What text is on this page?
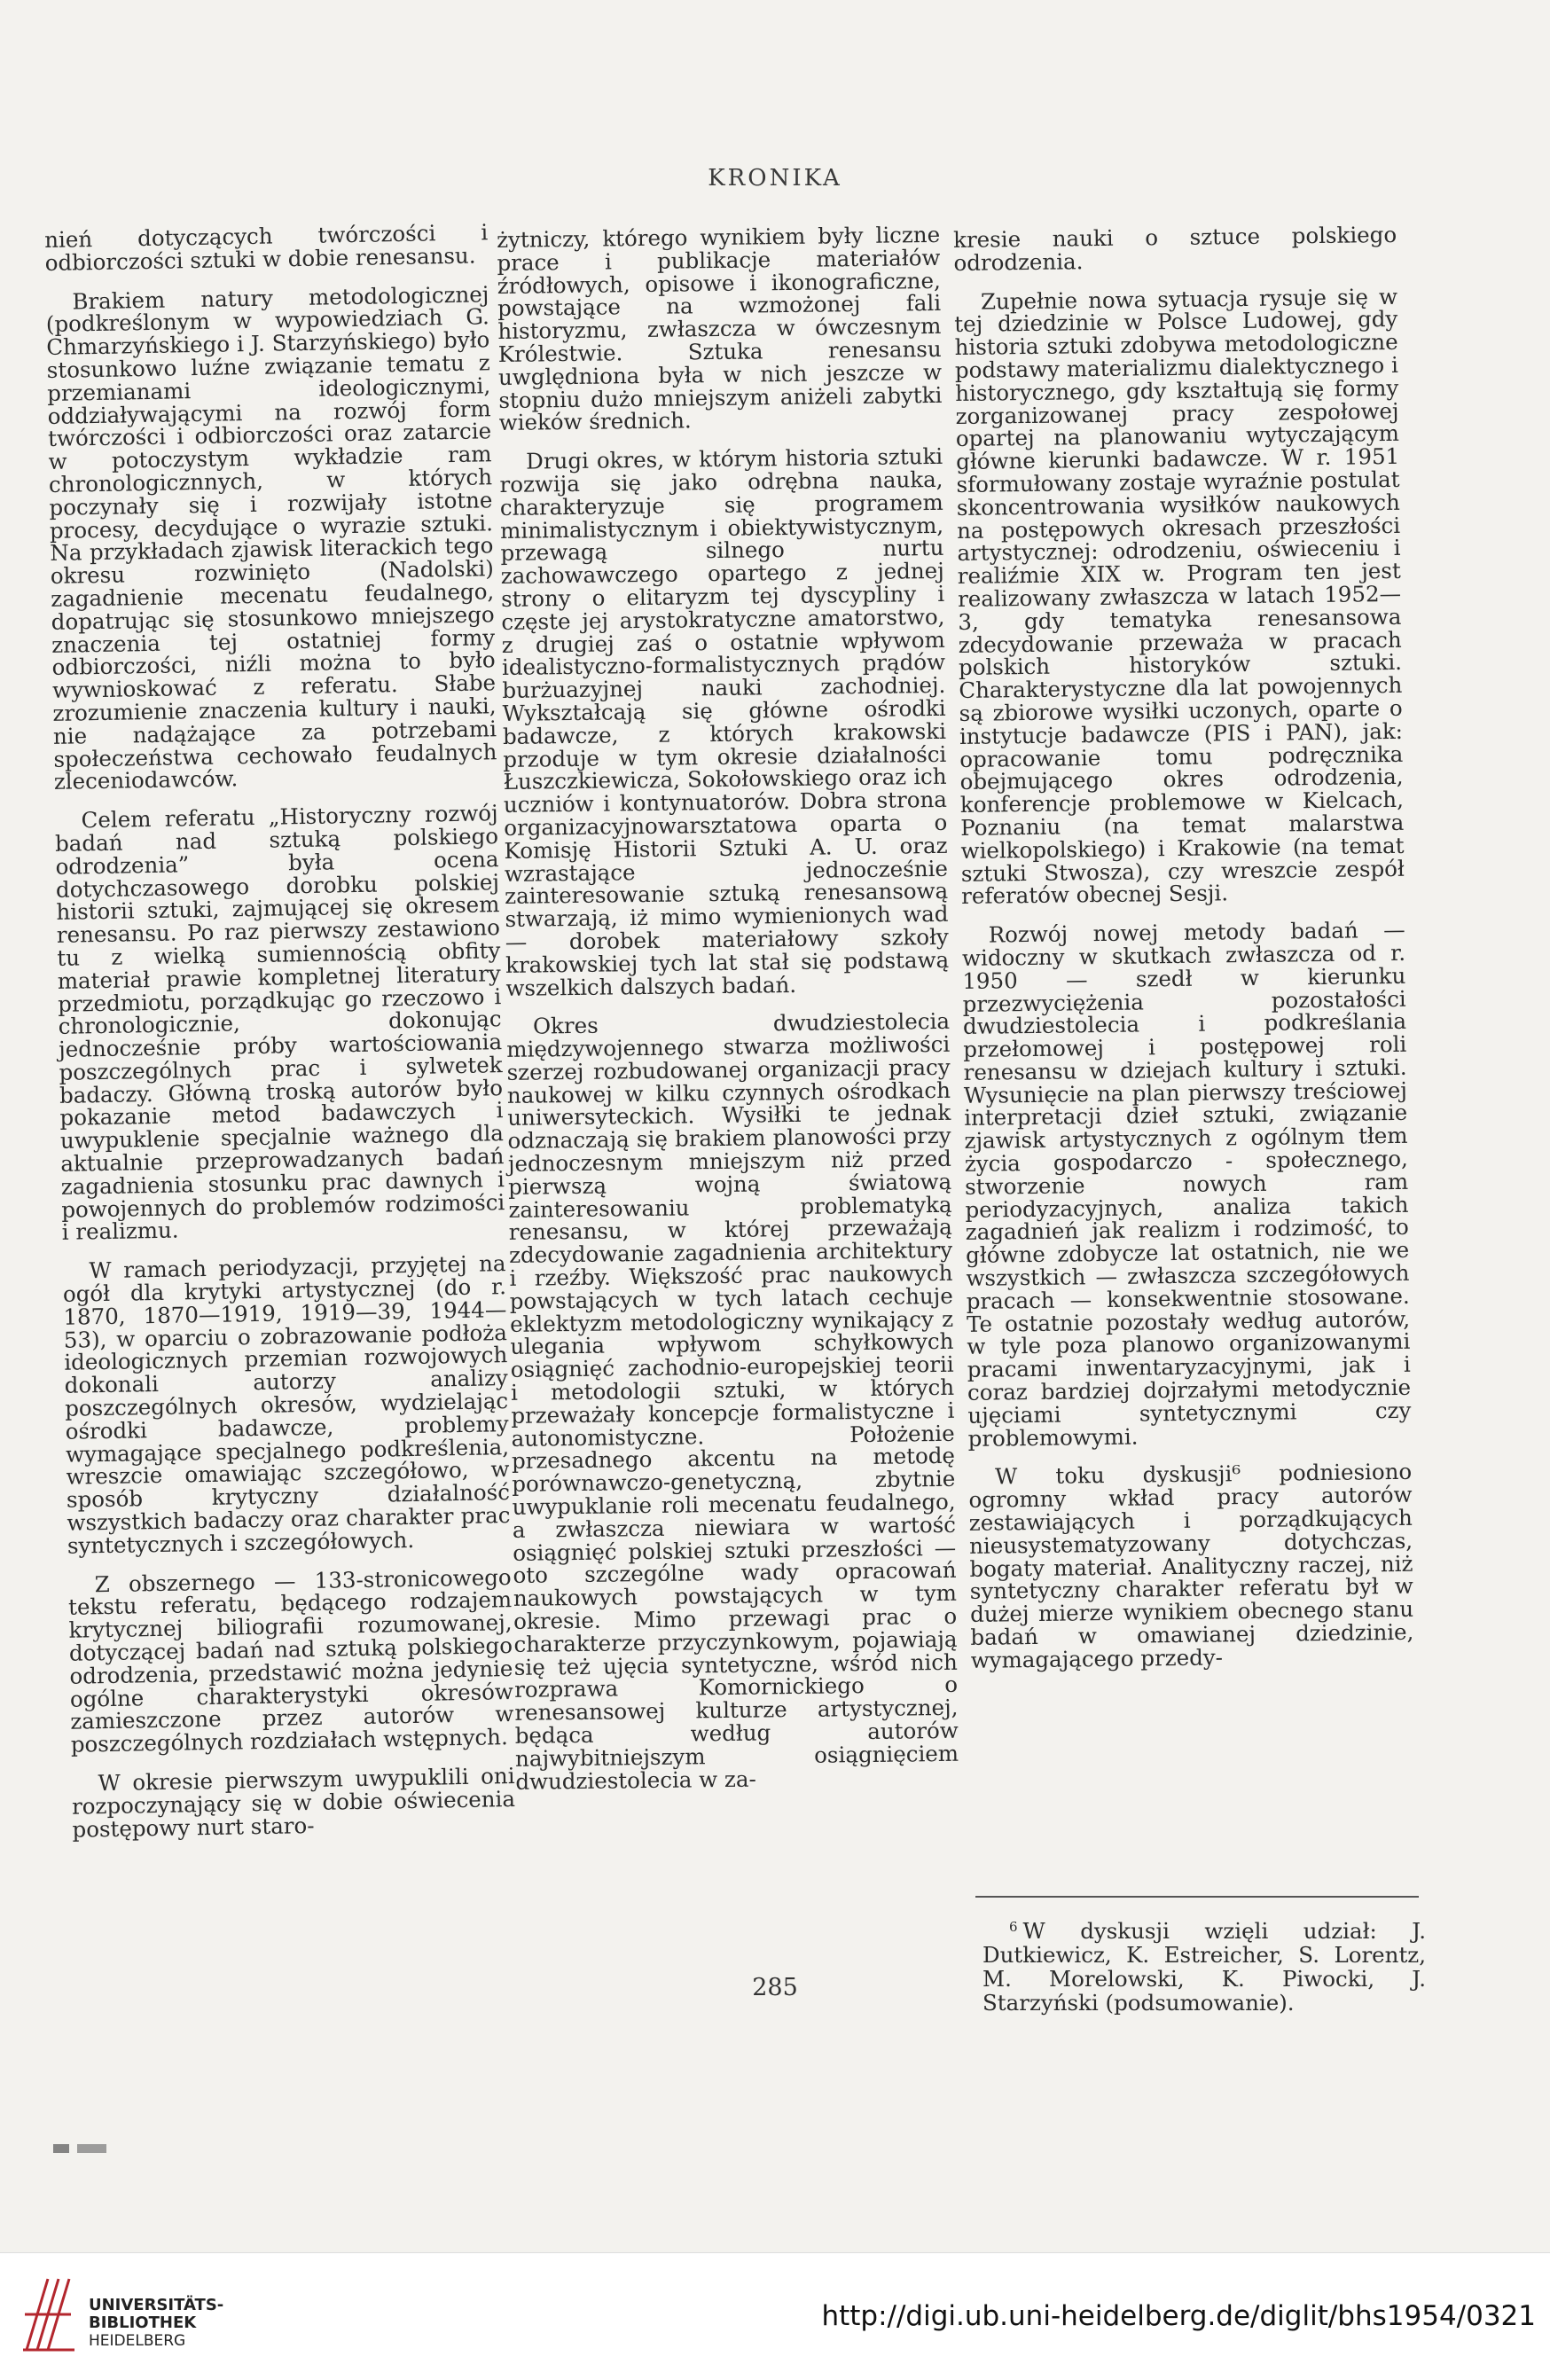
KRONIKA

nień dotyczących twórczości i odbiorczości sztuki w dobie renesansu.

Brakiem natury metodologicznej (podkreślonym w wypowiedziach G. Chmarzyńskiego i J. Starzyńskiego) było stosunkowo luźne związanie tematu z przemianami ideologicznymi, oddziaływającymi na rozwój form twórczości i odbiorczości oraz zatarcie w potoczystym wykładzie ram chronologicznnych, w których poczynały się i rozwijały istotne procesy, decydujące o wyrazie sztuki. Na przykładach zjawisk literackich tego okresu rozwinięto (Nadolski) zagadnienie mecenatu feudalnego, dopatrując się stosunkowo mniejszego znaczenia tej ostatniej formy odbiorczości, niźli można to było wywnioskować z referatu. Słabe zrozumienie znaczenia kultury i nauki, nie nadążające za potrzebami społeczeństwa cechowało feudalnych zleceniodawców.

Celem referatu „Historyczny rozwój badań nad sztuką polskiego odrodzenia” była ocena dotychczasowego dorobku polskiej historii sztuki, zajmującej się okresem renesansu. Po raz pierwszy zestawiono tu z wielką sumiennością obfity materiał prawie kompletnej literatury przedmiotu, porządkując go rzeczowo i chronologicznie, dokonując jednocześnie próby wartościowania poszczególnych prac i sylwetek badaczy. Główną troską autorów było pokazanie metod badawczych i uwypuklenie specjalnie ważnego dla aktualnie przeprowadzanych badań zagadnienia stosunku prac dawnych i powojennych do problemów rodzimości i realizmu.

W ramach periodyzacji, przyjętej na ogół dla krytyki artystycznej (do r. 1870, 1870—1919, 1919—39, 1944—53), w oparciu o zobrazowanie podłoża ideologicznych przemian rozwojowych dokonali autorzy analizy poszczególnych okresów, wydzielając ośrodki badawcze, problemy wymagające specjalnego podkreślenia, wreszcie omawiając szczegółowo, w sposób krytyczny działalność wszystkich badaczy oraz charakter prac syntetycznych i szczegółowych.

Z obszernego — 133-stronicowego tekstu referatu, będącego rodzajem krytycznej biliografii rozumowanej, dotyczącej badań nad sztuką polskiego odrodzenia, przedstawić można jedynie ogólne charakterystyki okresów zamieszczone przez autorów w poszczególnych rozdziałach wstępnych.

W okresie pierwszym uwypuklili oni rozpoczynający się w dobie oświecenia postępowy nurt staro-

żytniczy, którego wynikiem były liczne prace i publikacje materiałów źródłowych, opisowe i ikonograficzne, powstające na wzmożonej fali historyzmu, zwłaszcza w ówczesnym Królestwie. Sztuka renesansu uwględniona była w nich jeszcze w stopniu dużo mniejszym aniżeli zabytki wieków średnich.

Drugi okres, w którym historia sztuki rozwija się jako odrębna nauka, charakteryzuje się programem minimalistycznym i obiektywistycznym, przewagą silnego nurtu zachowawczego opartego z jednej strony o elitaryzm tej dyscypliny i częste jej arystokratyczne amatorstwo, z drugiej zaś o ostatnie wpływom idealistyczno-formalistycznych prądów burżuazyjnej nauki zachodniej. Wykształcają się główne ośrodki badawcze, z których krakowski przoduje w tym okresie działalności Łuszczkiewicza, Sokołowskiego oraz ich uczniów i kontynuatorów. Dobra strona organizacyjnowarsztatowa oparta o Komisję Historii Sztuki A. U. oraz wzrastające jednocześnie zainteresowanie sztuką renesansową stwarzają, iż mimo wymienionych wad — dorobek materiałowy szkoły krakowskiej tych lat stał się podstawą wszelkich dalszych badań.

Okres dwudziestolecia międzywojennego stwarza możliwości szerzej rozbudowanej organizacji pracy naukowej w kilku czynnych ośrodkach uniwersyteckich. Wysiłki te jednak odznaczają się brakiem planowości przy jednoczesnym mniejszym niż przed pierwszą wojną światową zainteresowaniu problematyką renesansu, w której przeważają zdecydowanie zagadnienia architektury i rzeźby. Większość prac naukowych powstających w tych latach cechuje eklektyzm metodologiczny wynikający z ulegania wpływom schyłkowych osiągnięć zachodnio-europejskiej teorii i metodologii sztuki, w których przeważały koncepcje formalistyczne i autonomistyczne. Położenie przesadnego akcentu na metodę porównawczo-genetyczną, zbytnie uwypuklanie roli mecenatu feudalnego, a zwłaszcza niewiara w wartość osiągnięć polskiej sztuki przeszłości — oto szczególne wady opracowań naukowych powstających w tym okresie. Mimo przewagi prac o charakterze przyczynkowym, pojawiają się też ujęcia syntetyczne, wśród nich rozprawa Komornickiego o renesansowej kulturze artystycznej, będąca według autorów najwybitniejszym osiągnięciem dwudziestolecia w za-

kresie nauki o sztuce polskiego odrodzenia.

Zupełnie nowa sytuacja rysuje się w tej dziedzinie w Polsce Ludowej, gdy historia sztuki zdobywa metodologiczne podstawy materializmu dialektycznego i historycznego, gdy kształtują się formy zorganizowanej pracy zespołowej opartej na planowaniu wytyczającym główne kierunki badawcze. W r. 1951 sformułowany zostaje wyraźnie postulat skoncentrowania wysiłków naukowych na postępowych okresach przeszłości artystycznej: odrodzeniu, oświeceniu i realiźmie XIX w. Program ten jest realizowany zwłaszcza w latach 1952—3, gdy tematyka renesansowa zdecydowanie przeważa w pracach polskich historyków sztuki. Charakterystyczne dla lat powojennych są zbiorowe wysiłki uczonych, oparte o instytucje badawcze (PIS i PAN), jak: opracowanie tomu podręcznika obejmującego okres odrodzenia, konferencje problemowe w Kielcach, Poznaniu (na temat malarstwa wielkopolskiego) i Krakowie (na temat sztuki Stwosza), czy wreszcie zespół referatów obecnej Sesji.

Rozwój nowej metody badań — widoczny w skutkach zwłaszcza od r. 1950 — szedł w kierunku przezwyciężenia pozostałości dwudziestolecia i podkreślania przełomowej i postępowej roli renesansu w dziejach kultury i sztuki. Wysunięcie na plan pierwszy treściowej interpretacji dzieł sztuki, związanie zjawisk artystycznych z ogólnym tłem życia gospodarczo - społecznego, stworzenie nowych ram periodyzacyjnych, analiza takich zagadnień jak realizm i rodzimość, to główne zdobycze lat ostatnich, nie we wszystkich — zwłaszcza szczegółowych pracach — konsekwentnie stosowane. Te ostatnie pozostały według autorów, w tyle poza planowo organizowanymi pracami inwentaryzacyjnymi, jak i coraz bardziej dojrzałymi metodycznie ujęciami syntetycznymi czy problemowymi.

W toku dyskusji⁶ podniesiono ogromny wkład pracy autorów zestawiających i porządkujących nieusystematyzowany dotychczas, bogaty materiał. Analityczny raczej, niż syntetyczny charakter referatu był w dużej mierze wynikiem obecnego stanu badań w omawianej dziedzinie, wymagającego przedy-

$^6$ W dyskusji wzięli udział: J. Dutkiewicz, K. Estreicher, S. Lorentz, M. Morelowski, K. Piwocki, J. Starzyński (podsumowanie).
285
UNIVERSITÄTS-
BIBLIOTHEK
HEIDELBERG
http://digi.ub.uni-heidelberg.de/diglit/bhs1954/0321
